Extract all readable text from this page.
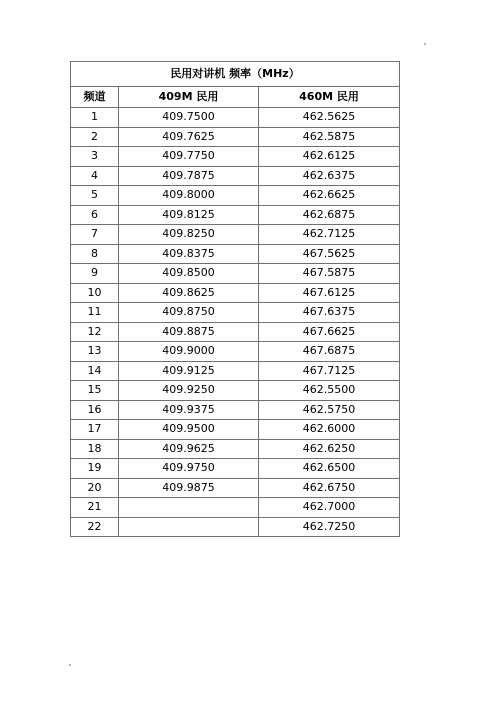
民用对讲机 频率（MHz）		
频道	409M 民用	460M 民用
1	409.7500	462.5625
2	409.7625	462.5875
3	409.7750	462.6125
4	409.7875	462.6375
5	409.8000	462.6625
6	409.8125	462.6875
7	409.8250	462.7125
8	409.8375	467.5625
9	409.8500	467.5875
10	409.8625	467.6125
11	409.8750	467.6375
12	409.8875	467.6625
13	409.9000	467.6875
14	409.9125	467.7125
15	409.9250	462.5500
16	409.9375	462.5750
17	409.9500	462.6000
18	409.9625	462.6250
19	409.9750	462.6500
20	409.9875	462.6750
21		462.7000
22		462.7250
